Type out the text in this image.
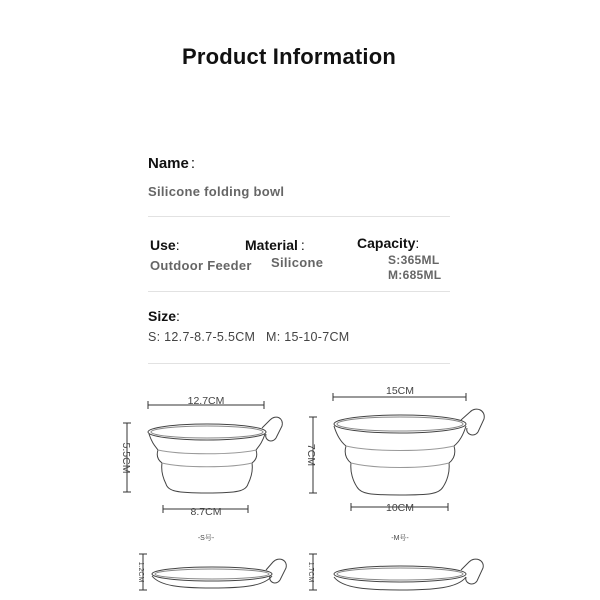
Product Information
Name :
Silicone folding bowl
Use:
Outdoor Feeder
Material :
Silicone
Capacity:
S:365ML
M:685ML
Size:
S: 12.7-8.7-5.5CM M: 15-10-7CM
12.7CM
8.7CM
5.5CM
15CM
10CM
7CM
-S号-	-M号-
1.2CM	1.7CM
